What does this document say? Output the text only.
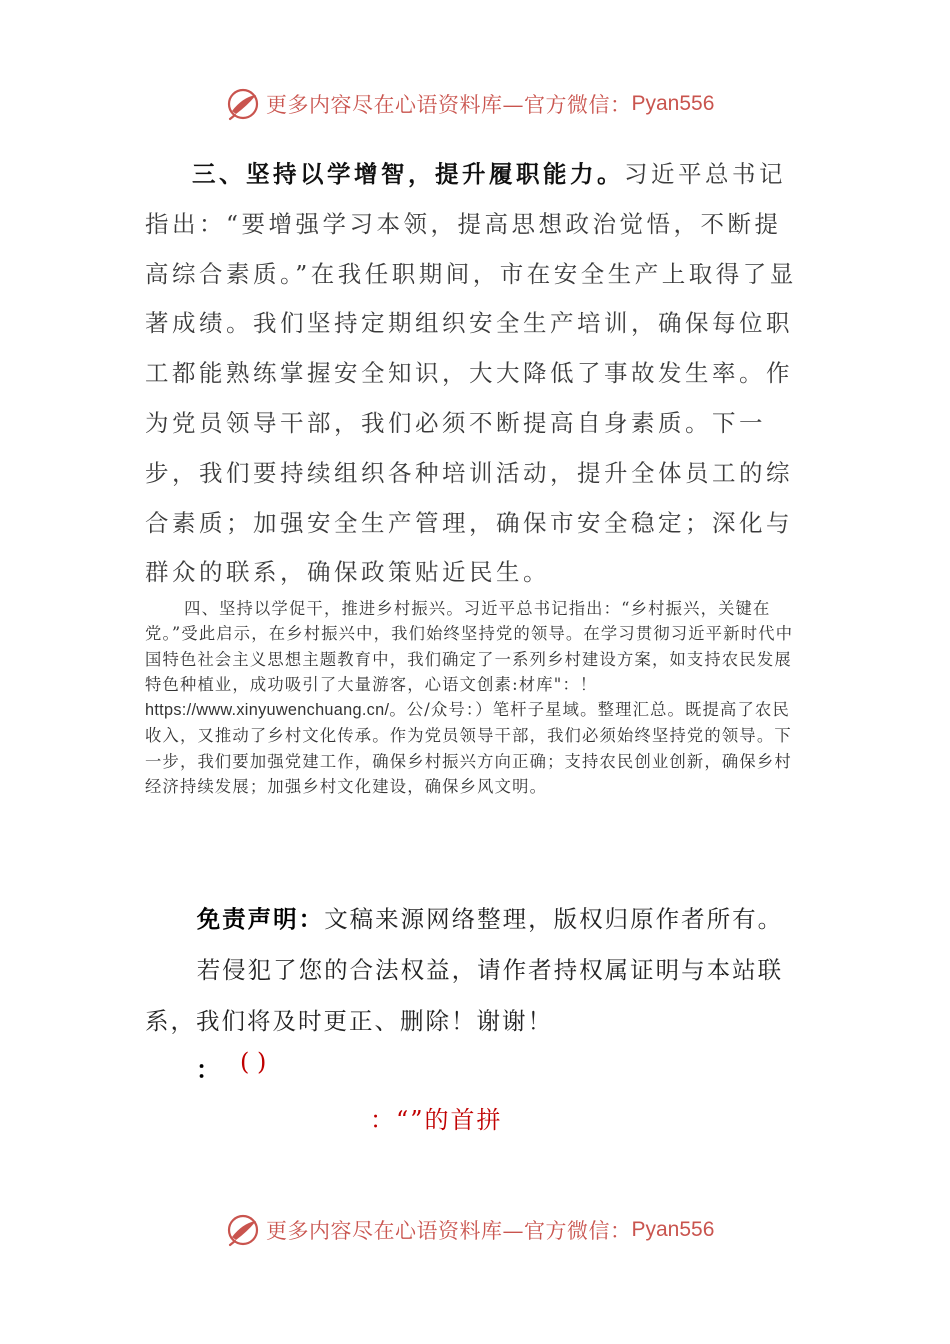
更多内容尽在心语资料库—官方微信： Pyan556

三、坚持以学增智，提升履职能力。习近平总书记指出：“要增强学习本领，提高思想政治觉悟，不断提高综合素质。”在我任职期间，市在安全生产上取得了显著成绩。我们坚持定期组织安全生产培训，确保每位职工都能熟练掌握安全知识，大大降低了事故发生率。作为党员领导干部，我们必须不断提高自身素质。下一步，我们要持续组织各种培训活动，提升全体员工的综合素质；加强安全生产管理，确保市安全稳定；深化与群众的联系，确保政策贴近民生。

四、坚持以学促干，推进乡村振兴。习近平总书记指出：“乡村振兴，关键在党。”受此启示，在乡村振兴中，我们始终坚持党的领导。在学习贯彻习近平新时代中国特色社会主义思想主题教育中，我们确定了一系列乡村建设方案，如支持农民发展特色种植业，成功吸引了大量游客，心语文创素:材库"：！https://www.xinyuwenchuang.cn/。公/众号：）笔杆子星域。整理汇总。既提高了农民收入，又推动了乡村文化传承。作为党员领导干部，我们必须始终坚持党的领导。下一步，我们要加强党建工作，确保乡村振兴方向正确；支持农民创业创新，确保乡村经济持续发展；加强乡村文化建设，确保乡风文明。

免责声明：文稿来源网络整理，版权归原作者所有。

若侵犯了您的合法权益，请作者持权属证明与本站联系，我们将及时更正、删除！谢谢！

： ( )
：“”的首拼
更多内容尽在心语资料库—官方微信： Pyan556
